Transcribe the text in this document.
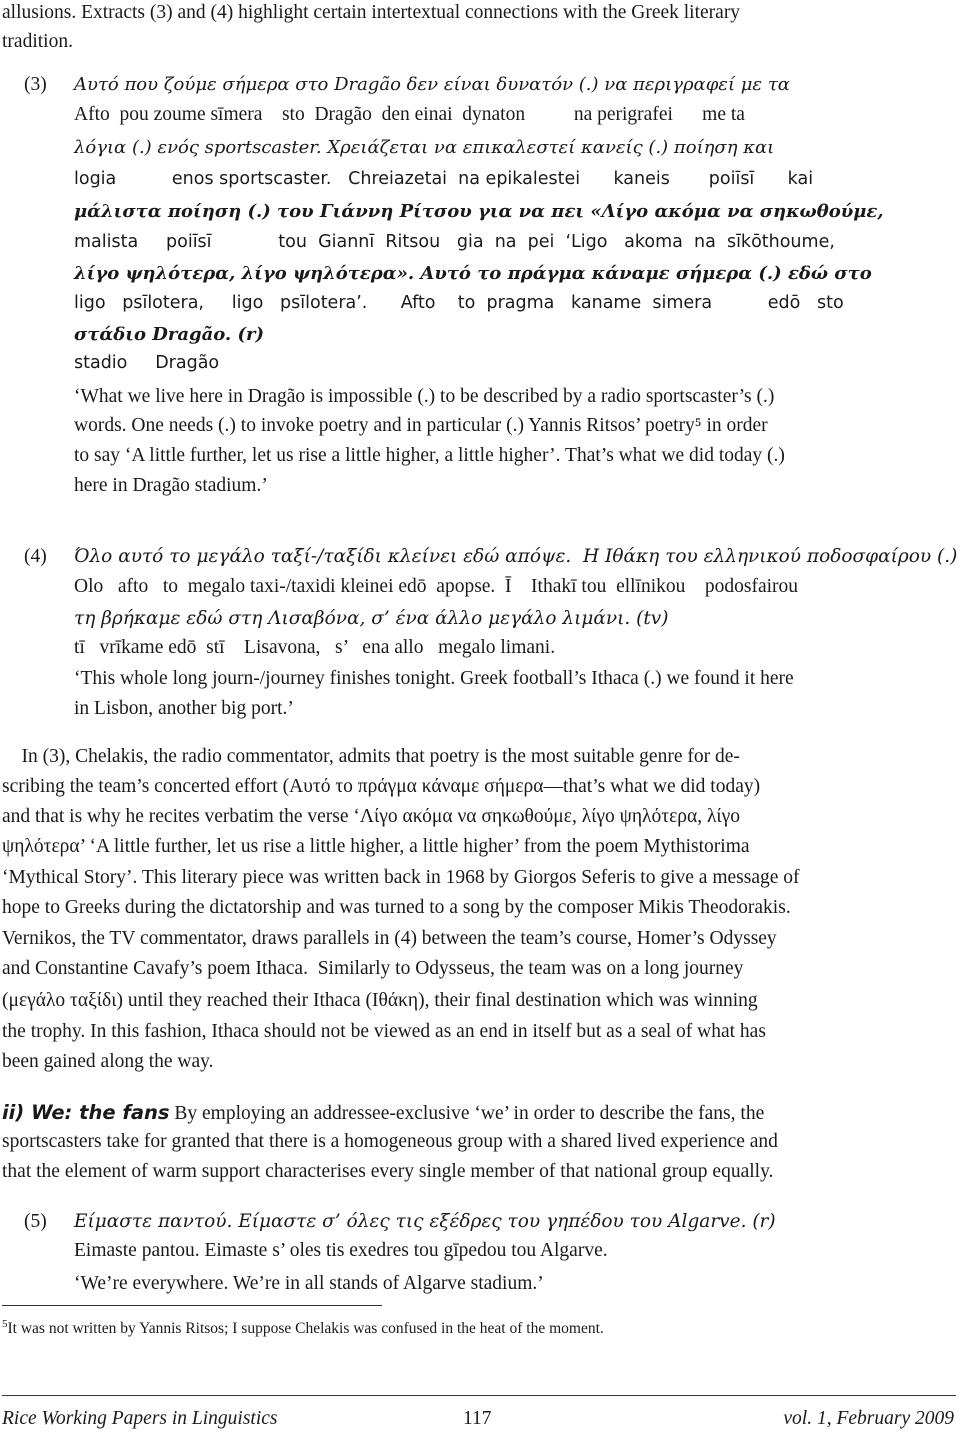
allusions. Extracts (3) and (4) highlight certain intertextual connections with the Greek literary
tradition.
(3) Αυτό που ζούμε σήμερα στο Dragão δεν είναι δυνατόν (.) να περιγραφεί με τα
Afto  pou zoume sīmera    sto  Dragão  den einai  dynaton          na perigrafei      me ta
λόγια (.) ενός sportscaster. Χρειάζεται να επικαλεστεί κανείς (.) ποίηση και
logia          enos sportscaster.   Chreiazetai  na epikalestei      kaneis       poiīsī      kai
μάλιστα ποίηση (.) του Γιάννη Ρίτσου για να πει «Λίγο ακόμα να σηκωθούμε,
malista     poiīsī            tou  Giannī  Ritsou   gia  na  pei  ‘Ligo   akoma  na  sīkōthoume,
λίγο ψηλότερα, λίγο ψηλότερα». Αυτό το πράγμα κάναμε σήμερα (.) εδώ στο
ligo   psīlotera,     ligo   psīlotera’.      Afto    to  pragma   kaname  simera          edō   sto
στάδιο Dragão. (r)
stadio     Dragão
‘What we live here in Dragão is impossible (.) to be described by a radio sportscaster’s (.)
words. One needs (.) to invoke poetry and in particular (.) Yannis Ritsos’ poetry⁵ in order
to say ‘A little further, let us rise a little higher, a little higher’. That’s what we did today (.)
here in Dragão stadium.’
(4) Όλο αυτό το μεγάλο ταξί-/ταξίδι κλείνει εδώ απόψε.  Η Ιθάκη του ελληνικού ποδοσφαίρου (.)
Olo   afto   to  megalo taxi-/taxidi kleinei edō  apopse.  Ī    Ithakī tou  ellīnikou    podosfairou
τη βρήκαμε εδώ στη Λισαβόνα, σ’ ένα άλλο μεγάλο λιμάνι. (tv)
tī   vrīkame edō  stī    Lisavona,   s’   ena allo   megalo limani.
‘This whole long journ-/journey finishes tonight. Greek football’s Ithaca (.) we found it here
in Lisbon, another big port.’
In (3), Chelakis, the radio commentator, admits that poetry is the most suitable genre for de-
scribing the team’s concerted effort (Αυτό το πράγμα κάναμε σήμερα—that’s what we did today)
and that is why he recites verbatim the verse ‘Λίγο ακόμα να σηκωθούμε, λίγο ψηλότερα, λίγο
ψηλότερα’ ‘A little further, let us rise a little higher, a little higher’ from the poem Mythistorima
‘Mythical Story’. This literary piece was written back in 1968 by Giorgos Seferis to give a message of
hope to Greeks during the dictatorship and was turned to a song by the composer Mikis Theodorakis.
Vernikos, the TV commentator, draws parallels in (4) between the team’s course, Homer’s Odyssey
and Constantine Cavafy’s poem Ithaca.  Similarly to Odysseus, the team was on a long journey
(μεγάλο ταξίδι) until they reached their Ithaca (Ιθάκη), their final destination which was winning
the trophy. In this fashion, Ithaca should not be viewed as an end in itself but as a seal of what has
been gained along the way.
ii) We: the fans By employing an addressee-exclusive ‘we’ in order to describe the fans, the
sportscasters take for granted that there is a homogeneous group with a shared lived experience and
that the element of warm support characterises every single member of that national group equally.
(5) Είμαστε παντού. Είμαστε σ’ όλες τις εξέδρες του γηπέδου του Algarve. (r)
Eimaste pantou. Eimaste s’ oles tis exedres tou gīpedou tou Algarve.
‘We’re everywhere. We’re in all stands of Algarve stadium.’
$^5$It was not written by Yannis Ritsos; I suppose Chelakis was confused in the heat of the moment.
Rice Working Papers in Linguistics	117	vol. 1, February 2009
